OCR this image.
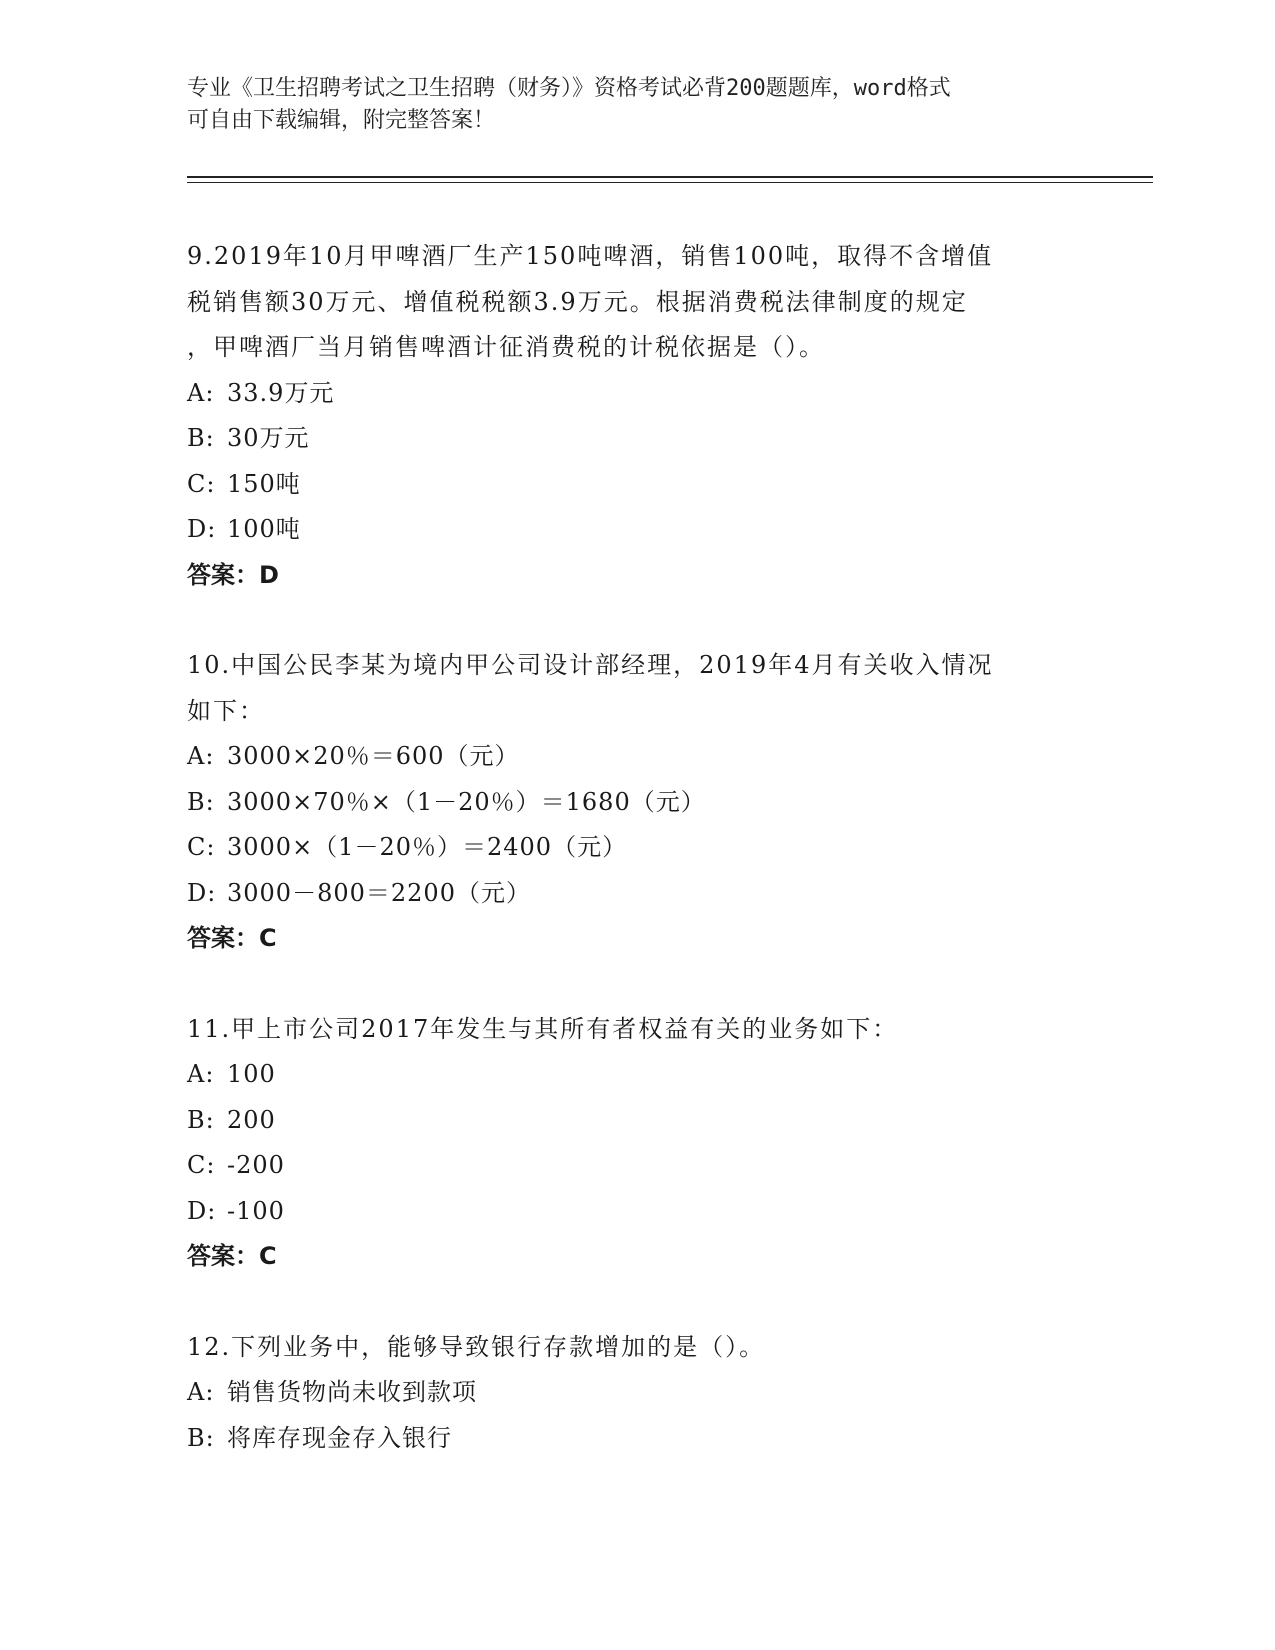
专业《卫生招聘考试之卫生招聘（财务）》资格考试必背200题题库，word格式
可自由下载编辑，附完整答案！

9.2019年10月甲啤酒厂生产150吨啤酒，销售100吨，取得不含增值

税销售额30万元、增值税税额3.9万元。根据消费税法律制度的规定

，甲啤酒厂当月销售啤酒计征消费税的计税依据是（）。

A: 33.9万元

B: 30万元

C: 150吨

D: 100吨

答案：D

10.中国公民李某为境内甲公司设计部经理，2019年4月有关收入情况

如下：

A: 3000×20％＝600（元）

B: 3000×70％×（1－20％）＝1680（元）

C: 3000×（1－20％）＝2400（元）

D: 3000－800＝2200（元）

答案：C

11.甲上市公司2017年发生与其所有者权益有关的业务如下：

A: 100

B: 200

C: -200

D: -100

答案：C

12.下列业务中，能够导致银行存款增加的是（）。

A: 销售货物尚未收到款项

B: 将库存现金存入银行
